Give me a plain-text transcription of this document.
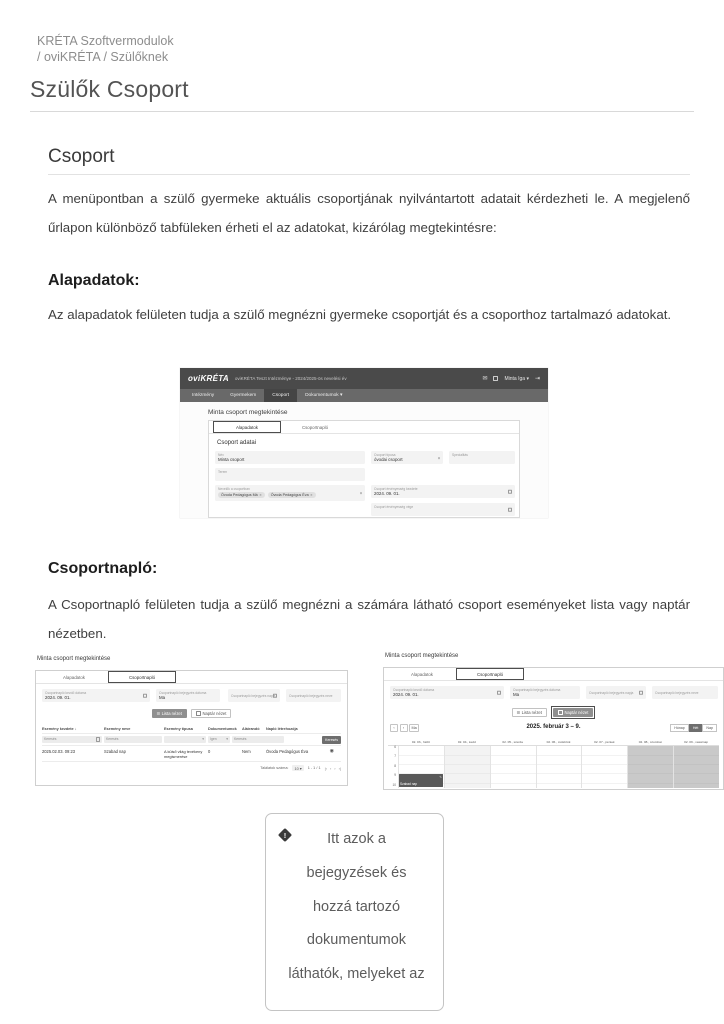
KRÉTA Szoftvermodulok
/ oviKRÉTA / Szülőknek
Szülők Csoport
Csoport
A menüpontban a szülő gyermeke aktuális csoportjának nyilvántartott adatait kérdezheti le. A megjelenő űrlapon különböző tabfüleken érheti el az adatokat, kizárólag megtekintésre:
Alapadatok:
Az alapadatok felületen tudja a szülő megnézni gyermeke csoportját és a csoporthoz tartalmazó adatokat.
oviKRÉTA oviKRÉTA Teszt Intézménye - 2024/2025-ös nevelési év	✉	Minta Iga ▾ ⇥
Intézmény	Gyermekem	Csoport	Dokumentumok ▾
Minta csoport megtekintése
Alapadatok	Csoportnapló
Csoport adatai
Név
Minta csoport
Csoport típusa
óvodai csoport	▾
Specialitás
Terem
Nevelők a csoportban
Óvoda Pedagógus Má ✕ Óvoda Pedagógus Éva ✕	▾
Csoport érvényesség kezdete
2024. 09. 01.
Csoport érvényesség vége
Csoportnapló:
A Csoportnapló felületen tudja a szülő megnézni a számára látható csoport eseményeket lista vagy naptár nézetben.
Minta csoport megtekintése
Alapadatok	Csoportnapló
Csoportnapló kezdő dátuma
2024. 09. 01.
Csoportnapló bejegyzés dátuma
Ma	Csoportnapló bejegyzés napja	Csoportnapló bejegyzés neve
☰ Lista nézet	Naptár nézet
Esemény kezdete ↓	Esemény neve	Esemény típusa	Dokumentumok	Aláírandó	Napló létrehozója
Keresés	Keresés	▾ Igen	▾	Keresés	Keresés
2025.02.03. 09:23	Szabad nap	A külső világ tevékeny megismerése
0	Nem	Óvoda Pedagógus Éva	◉
Találatok száma:	10 ▾	1 - 1 / 1 |‹ ‹ › ›|
Minta csoport megtekintése
Alapadatok	Csoportnapló
Csoportnapló kezdő dátuma
2024. 09. 01.
Csoportnapló bejegyzés dátuma
Ma	Csoportnapló bejegyzés napja	Csoportnapló bejegyzés neve
☰ Lista nézet	Naptár nézet
‹	›	Ma	2025. február 3 – 9.	Hónap	Hét	Nap
02. 03., hétfő	02. 04., kedd	02. 05., szerda	02. 06., csütörtök	02. 07., péntek	02. 08., szombat	02. 09., vasárnap
6
7
8
9
10
✎
Szabad nap
!	Itt azok a
bejegyzések és
hozzá tartozó
dokumentumok
láthatók, melyeket az
